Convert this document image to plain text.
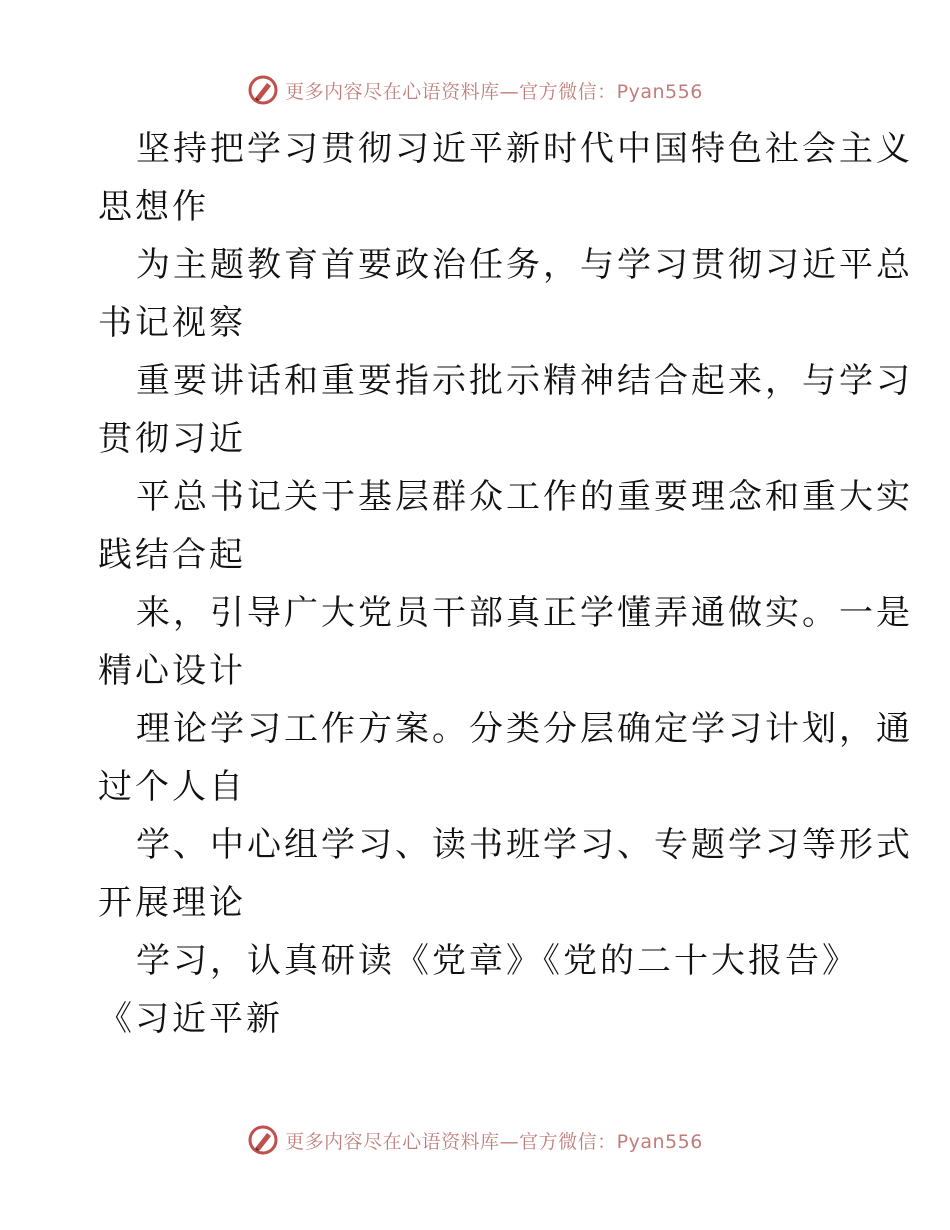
更多内容尽在心语资料库—官方微信：Pyan556
坚持把学习贯彻习近平新时代中国特色社会主义
思想作
为主题教育首要政治任务，与学习贯彻习近平总
书记视察
重要讲话和重要指示批示精神结合起来，与学习
贯彻习近
平总书记关于基层群众工作的重要理念和重大实
践结合起
来，引导广大党员干部真正学懂弄通做实。一是
精心设计
理论学习工作方案。分类分层确定学习计划，通
过个人自
学、中心组学习、读书班学习、专题学习等形式
开展理论
学习，认真研读《党章》《党的二十大报告》
《习近平新
更多内容尽在心语资料库—官方微信：Pyan556
